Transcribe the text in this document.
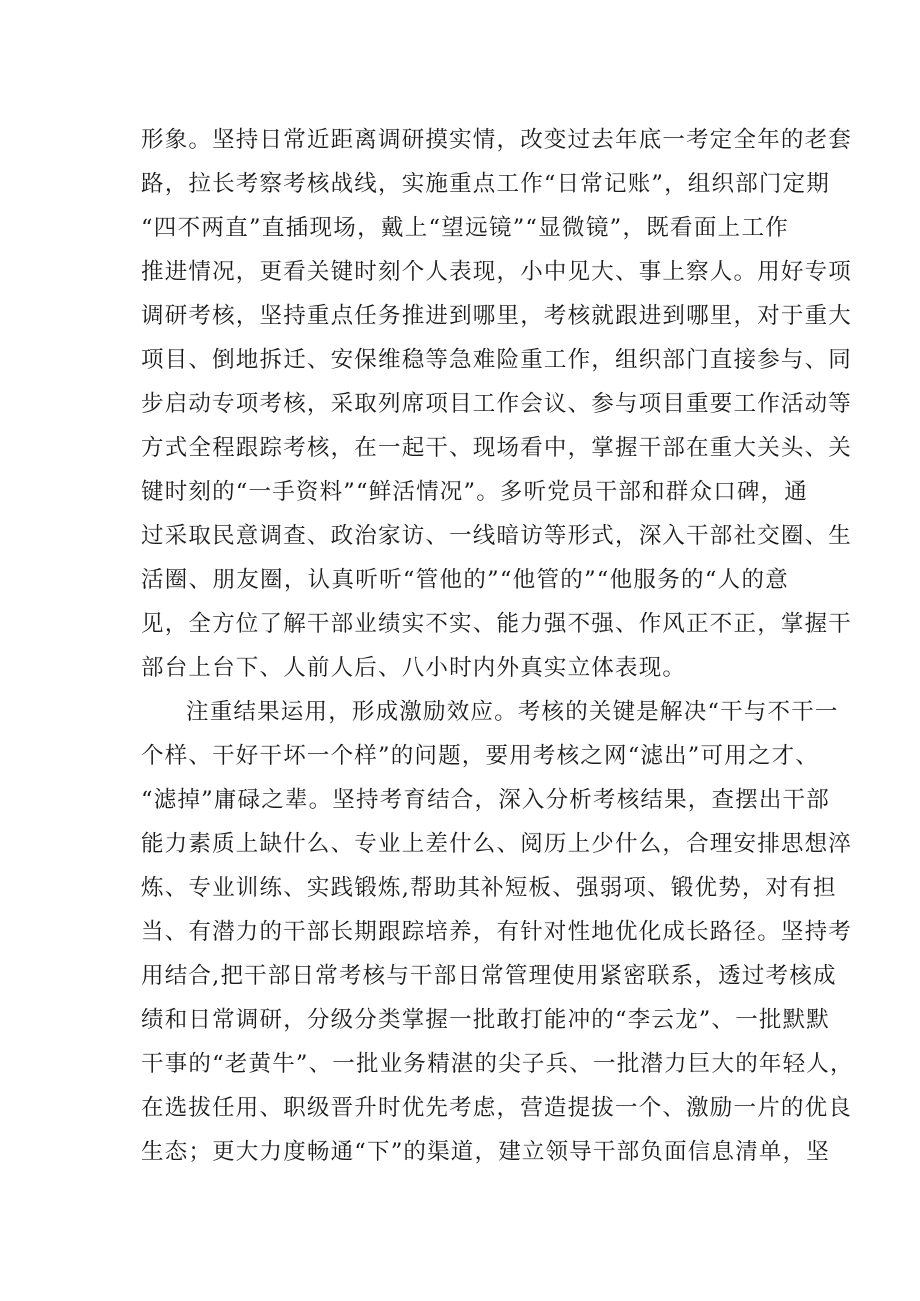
形象。坚持日常近距离调研摸实情，改变过去年底一考定全年的老套
路，拉长考察考核战线，实施重点工作“日常记账”，组织部门定期
“四不两直”直插现场，戴上“望远镜”“显微镜”，既看面上工作
推进情况，更看关键时刻个人表现，小中见大、事上察人。用好专项
调研考核，坚持重点任务推进到哪里，考核就跟进到哪里，对于重大
项目、倒地拆迁、安保维稳等急难险重工作，组织部门直接参与、同
步启动专项考核，采取列席项目工作会议、参与项目重要工作活动等
方式全程跟踪考核，在一起干、现场看中，掌握干部在重大关头、关
键时刻的“一手资料”“鲜活情况”。多听党员干部和群众口碑，通
过采取民意调查、政治家访、一线暗访等形式，深入干部社交圈、生
活圈、朋友圈，认真听听“管他的”“他管的”“他服务的“人的意
见，全方位了解干部业绩实不实、能力强不强、作风正不正，掌握干
部台上台下、人前人后、八小时内外真实立体表现。
注重结果运用，形成激励效应。考核的关键是解决“干与不干一
个样、干好干坏一个样”的问题，要用考核之网“滤出”可用之才、
“滤掉”庸碌之辈。坚持考育结合，深入分析考核结果，查摆出干部
能力素质上缺什么、专业上差什么、阅历上少什么，合理安排思想淬
炼、专业训练、实践锻炼,帮助其补短板、强弱项、锻优势，对有担
当、有潜力的干部长期跟踪培养，有针对性地优化成长路径。坚持考
用结合,把干部日常考核与干部日常管理使用紧密联系，透过考核成
绩和日常调研，分级分类掌握一批敢打能冲的“李云龙”、一批默默
干事的“老黄牛”、一批业务精湛的尖子兵、一批潜力巨大的年轻人，
在选拔任用、职级晋升时优先考虑，营造提拔一个、激励一片的优良
生态；更大力度畅通“下”的渠道，建立领导干部负面信息清单，坚
